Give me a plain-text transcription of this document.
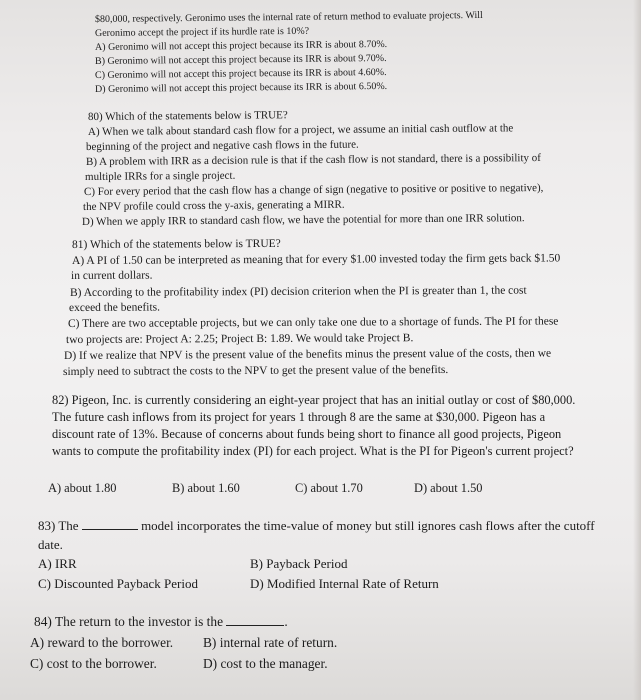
$80,000, respectively. Geronimo uses the internal rate of return method to evaluate projects. Will
Geronimo accept the project if its hurdle rate is 10%?
A) Geronimo will not accept this project because its IRR is about 8.70%.
B) Geronimo will not accept this project because its IRR is about 9.70%.
C) Geronimo will not accept this project because its IRR is about 4.60%.
D) Geronimo will not accept this project because its IRR is about 6.50%.
80) Which of the statements below is TRUE?
A) When we talk about standard cash flow for a project, we assume an initial cash outflow at the
beginning of the project and negative cash flows in the future.
B) A problem with IRR as a decision rule is that if the cash flow is not standard, there is a possibility of
multiple IRRs for a single project.
C) For every period that the cash flow has a change of sign (negative to positive or positive to negative),
the NPV profile could cross the y-axis, generating a MIRR.
D) When we apply IRR to standard cash flow, we have the potential for more than one IRR solution.
81) Which of the statements below is TRUE?
A) A PI of 1.50 can be interpreted as meaning that for every $1.00 invested today the firm gets back $1.50
in current dollars.
B) According to the profitability index (PI) decision criterion when the PI is greater than 1, the cost
exceed the benefits.
C) There are two acceptable projects, but we can only take one due to a shortage of funds. The PI for these
two projects are: Project A: 2.25; Project B: 1.89. We would take Project B.
D) If we realize that NPV is the present value of the benefits minus the present value of the costs, then we
simply need to subtract the costs to the NPV to get the present value of the benefits.
82) Pigeon, Inc. is currently considering an eight-year project that has an initial outlay or cost of $80,000.
The future cash inflows from its project for years 1 through 8 are the same at $30,000. Pigeon has a
discount rate of 13%. Because of concerns about funds being short to finance all good projects, Pigeon
wants to compute the profitability index (PI) for each project. What is the PI for Pigeon's current project?
A) about 1.80	B) about 1.60	C) about 1.70	D) about 1.50
83) The	model incorporates the time-value of money but still ignores cash flows after the cutoff
date.
A) IRR	B) Payback Period
C) Discounted Payback Period	D) Modified Internal Rate of Return
84) The return to the investor is the	.
A) reward to the borrower. B) internal rate of return.
C) cost to the borrower.	D) cost to the manager.
